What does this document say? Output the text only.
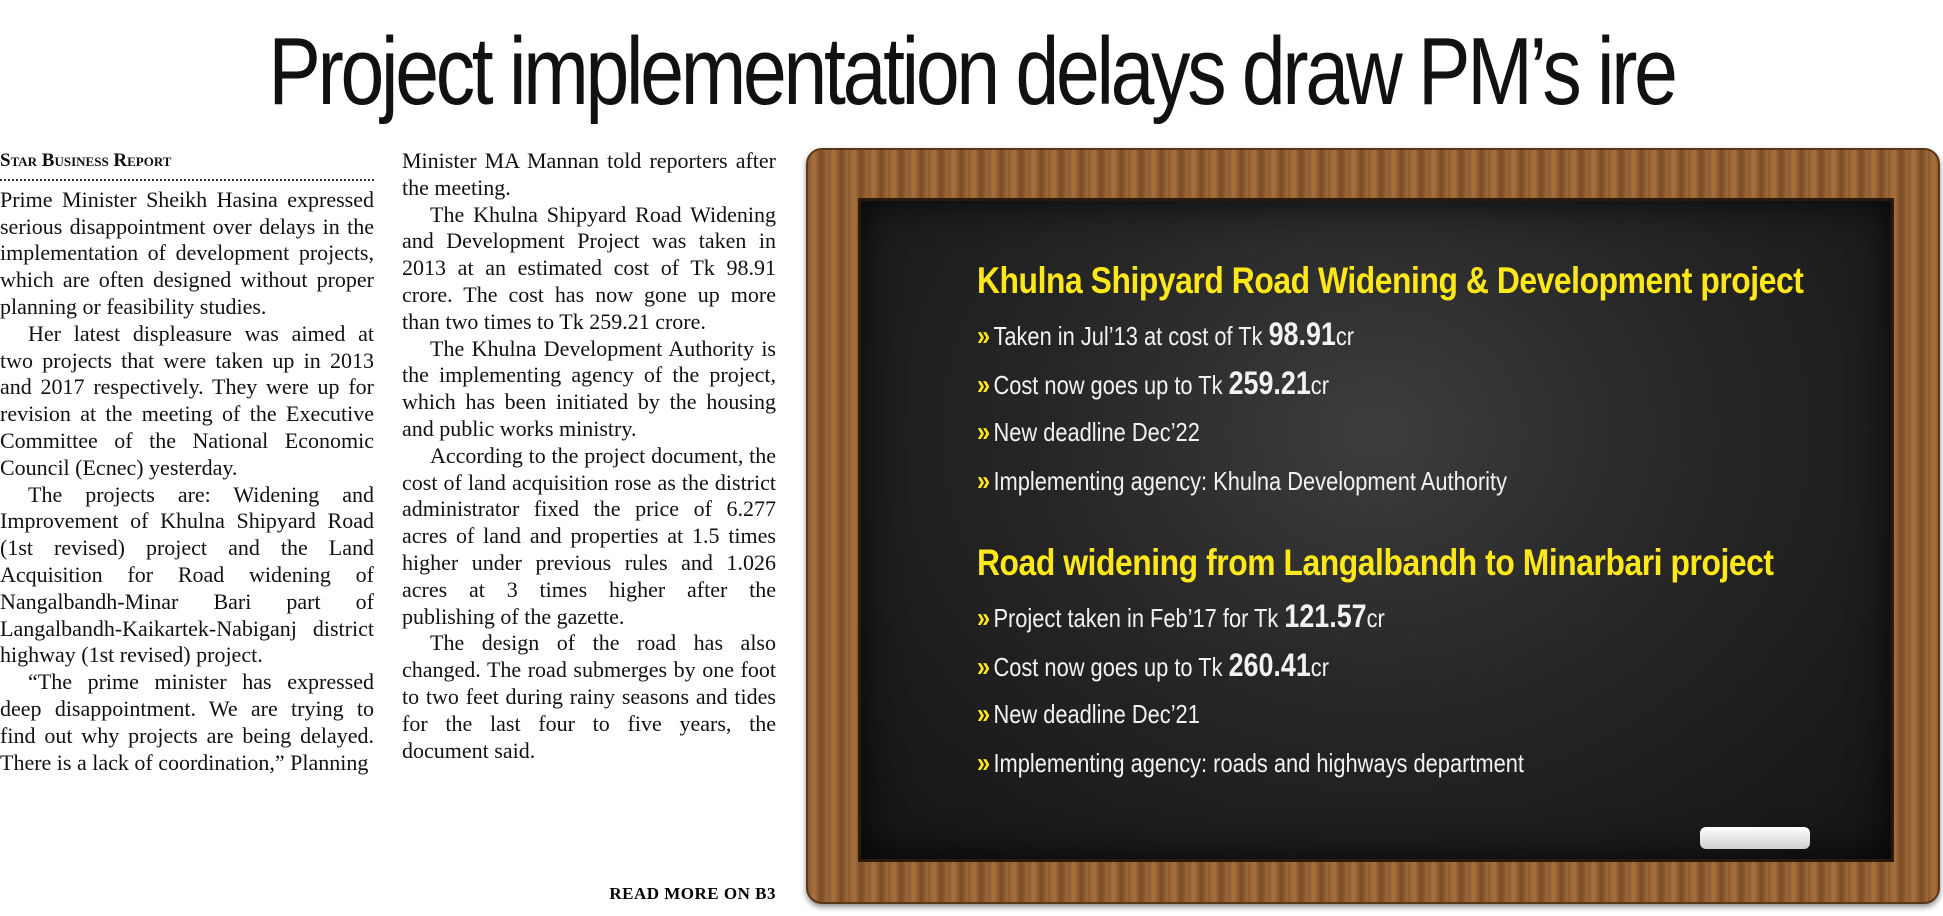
Project implementation delays draw PM’s ire
Star Business Report

Prime Minister Sheikh Hasina expressed serious disappointment over delays in the implementation of development projects, which are often designed without proper planning or feasibility studies.

Her latest displeasure was aimed at two projects that were taken up in 2013 and 2017 respectively. They were up for revision at the meeting of the Executive Committee of the National Economic Council (Ecnec) yesterday.

The projects are: Widening and Improvement of Khulna Shipyard Road (1st revised) project and the Land Acquisition for Road widening of Nangalbandh-Minar Bari part of Langalbandh-Kaikartek-Nabiganj district highway (1st revised) project.

“The prime minister has expressed deep disappointment. We are trying to find out why projects are being delayed. There is a lack of coordination,” Planning

Minister MA Mannan told reporters after the meeting.

The Khulna Shipyard Road Widening and Development Project was taken in 2013 at an estimated cost of Tk 98.91 crore. The cost has now gone up more than two times to Tk 259.21 crore.

The Khulna Development Authority is the implementing agency of the project, which has been initiated by the housing and public works ministry.

According to the project document, the cost of land acquisition rose as the district administrator fixed the price of 6.277 acres of land and properties at 1.5 times higher under previous rules and 1.026 acres at 3 times higher after the publishing of the gazette.

The design of the road has also changed. The road submerges by one foot to two feet during rainy seasons and tides for the last four to five years, the document said.

READ MORE ON B3
Khulna Shipyard Road Widening & Development project
» Taken in Jul’13 at cost of Tk 98.91cr
» Cost now goes up to Tk 259.21cr
» New deadline Dec’22
» Implementing agency: Khulna Development Authority
Road widening from Langalbandh to Minarbari project
» Project taken in Feb’17 for Tk 121.57cr
» Cost now goes up to Tk 260.41cr
» New deadline Dec’21
» Implementing agency: roads and highways department
